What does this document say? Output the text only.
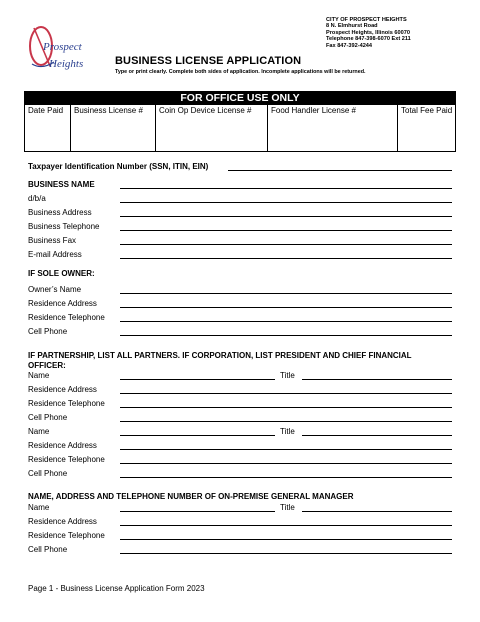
Prospect
Heights
CITY OF PROSPECT HEIGHTS
8 N. Elmhurst Road
Prospect Heights, Illinois 60070
Telephone 847-398-6070 Ext 211
Fax 847-392-4244
BUSINESS LICENSE APPLICATION
Type or print clearly. Complete both sides of application. Incomplete applications will be returned.
FOR OFFICE USE ONLY
Date Paid	Business License #	Coin Op Device License #	Food Handler License #	Total Fee Paid
Taxpayer Identification Number (SSN, ITIN, EIN)
BUSINESS NAME
d/b/a
Business Address
Business Telephone
Business Fax
E-mail Address
IF SOLE OWNER:
Owner’s Name
Residence Address
Residence Telephone
Cell Phone
IF PARTNERSHIP, LIST ALL PARTNERS. IF CORPORATION, LIST PRESIDENT AND CHIEF FINANCIAL
OFFICER:
Name	Title
Residence Address
Residence Telephone
Cell Phone
Name	Title
Residence Address
Residence Telephone
Cell Phone
NAME, ADDRESS AND TELEPHONE NUMBER OF ON-PREMISE GENERAL MANAGER
Name	Title
Residence Address
Residence Telephone
Cell Phone
Page 1 - Business License Application Form 2023
